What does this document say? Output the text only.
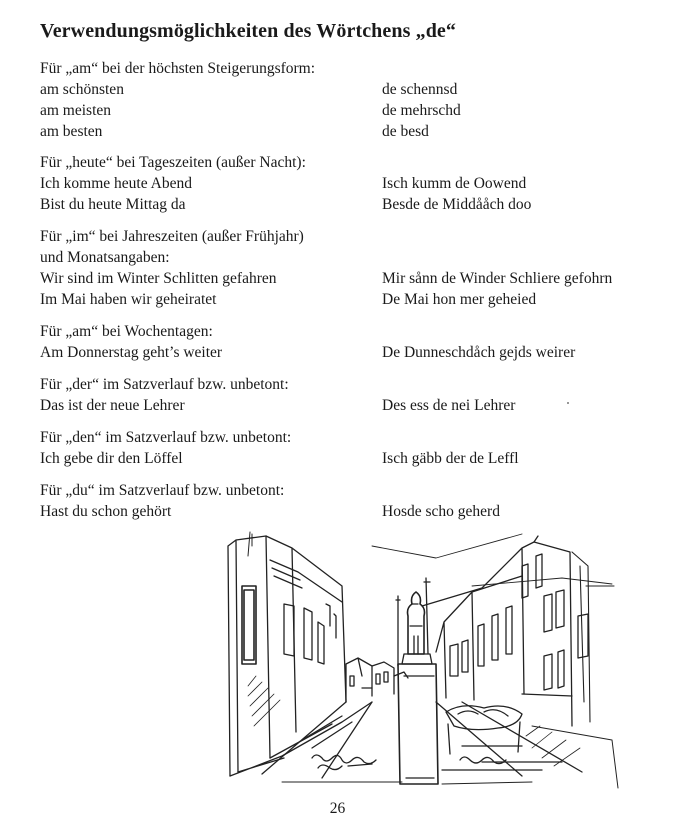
Verwendungsmöglichkeiten des Wörtchens „de“
Für „am“ bei der höchsten Steigerungsform:
am schönsten	de schennsd
am meisten	de mehrschd
am besten	de besd
Für „heute“ bei Tageszeiten (außer Nacht):
Ich komme heute Abend	Isch kumm de Oowend
Bist du heute Mittag da	Besde de Middååch doo
Für „im“ bei Jahreszeiten (außer Frühjahr)
und Monatsangaben:
Wir sind im Winter Schlitten gefahren	Mir sånn de Winder Schliere gefohrn
Im Mai haben wir geheiratet	De Mai hon mer geheied
Für „am“ bei Wochentagen:
Am Donnerstag geht’s weiter	De Dunneschdåch gejds weirer
Für „der“ im Satzverlauf bzw. unbetont:
Das ist der neue Lehrer	Des ess de nei Lehrer
Für „den“ im Satzverlauf bzw. unbetont:
Ich gebe dir den Löffel	Isch gäbb der de Leffl
Für „du“ im Satzverlauf bzw. unbetont:
Hast du schon gehört	Hosde scho geherd
26
